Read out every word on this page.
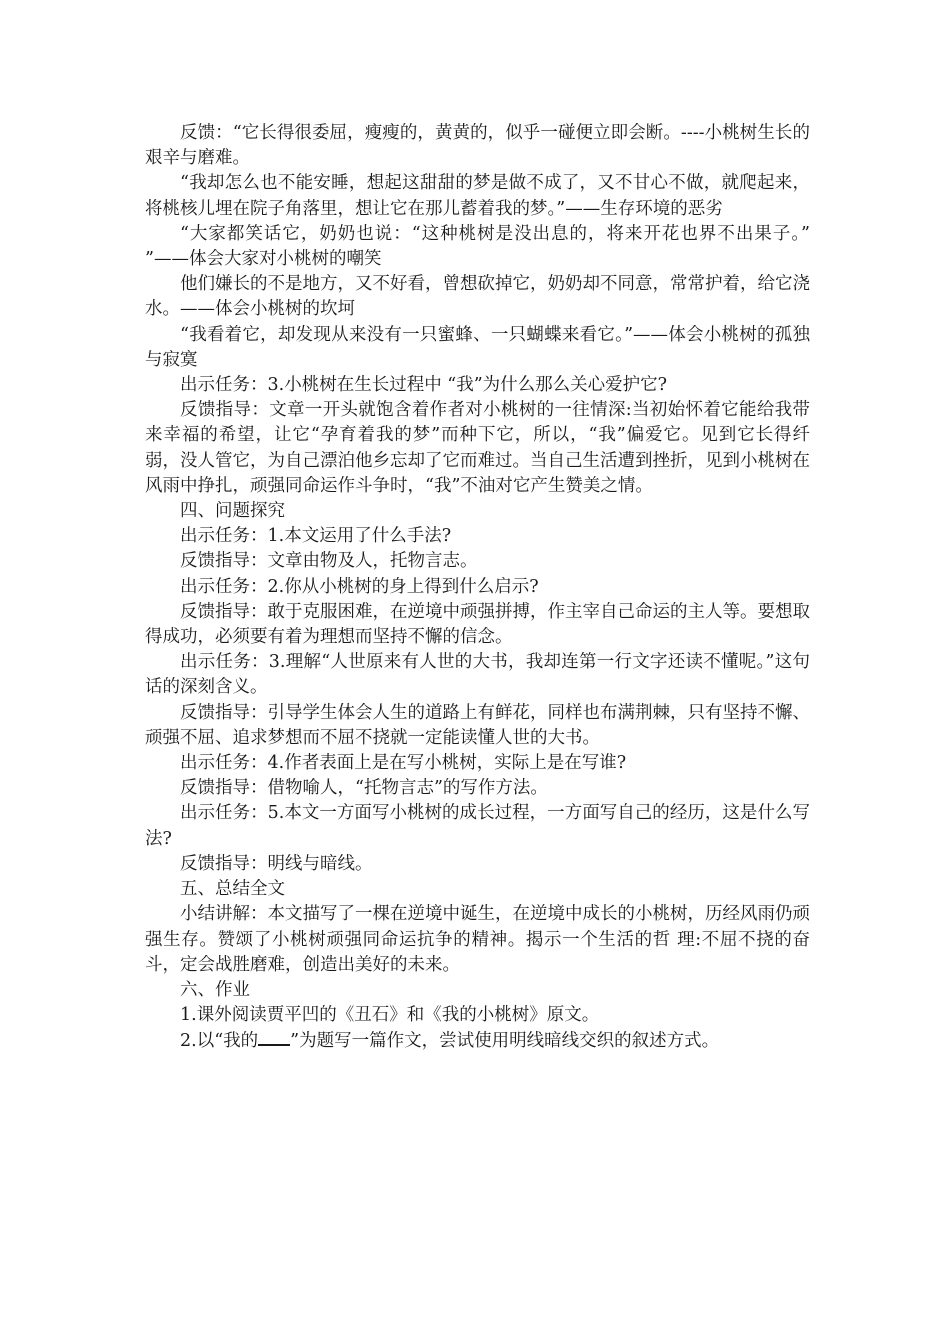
反馈：“它长得很委屈，瘦瘦的，黄黄的，似乎一碰便立即会断。----小桃树生长的艰辛与磨难。

“我却怎么也不能安睡，想起这甜甜的梦是做不成了，又不甘心不做，就爬起来，将桃核儿埋在院子角落里，想让它在那儿蓄着我的梦。”——生存环境的恶劣

“大家都笑话它，奶奶也说：“这种桃树是没出息的，将来开花也界不出果子。” ”——体会大家对小桃树的嘲笑

他们嫌长的不是地方，又不好看，曾想砍掉它，奶奶却不同意，常常护着，给它浇水。——体会小桃树的坎坷

“我看着它，却发现从来没有一只蜜蜂、一只蝴蝶来看它。”——体会小桃树的孤独与寂寞

出示任务：3.小桃树在生长过程中 “我”为什么那么关心爱护它?

反馈指导：文章一开头就饱含着作者对小桃树的一往情深:当初始怀着它能给我带来幸福的希望，让它“孕育着我的梦”而种下它，所以，“我”偏爱它。见到它长得纤弱，没人管它，为自己漂泊他乡忘却了它而难过。当自己生活遭到挫折，见到小桃树在风雨中挣扎，顽强同命运作斗争时，“我”不油对它产生赞美之情。

四、问题探究

出示任务：1.本文运用了什么手法?

反馈指导：文章由物及人，托物言志。

出示任务：2.你从小桃树的身上得到什么启示?

反馈指导：敢于克服困难，在逆境中顽强拼搏，作主宰自己命运的主人等。要想取得成功，必须要有着为理想而坚持不懈的信念。

出示任务：3.理解“人世原来有人世的大书，我却连第一行文字还读不懂呢。”这句话的深刻含义。

反馈指导：引导学生体会人生的道路上有鲜花，同样也布满荆棘，只有坚持不懈、顽强不屈、追求梦想而不屈不挠就一定能读懂人世的大书。

出示任务：4.作者表面上是在写小桃树，实际上是在写谁?

反馈指导：借物喻人，“托物言志”的写作方法。

出示任务：5.本文一方面写小桃树的成长过程，一方面写自己的经历，这是什么写法?

反馈指导：明线与暗线。

五、总结全文

小结讲解：本文描写了一棵在逆境中诞生，在逆境中成长的小桃树，历经风雨仍顽强生存。赞颂了小桃树顽强同命运抗争的精神。揭示一个生活的哲 理:不屈不挠的奋斗，定会战胜磨难，创造出美好的未来。

六、作业

1.课外阅读贾平凹的《丑石》和《我的小桃树》原文。

2.以“我的 ”为题写一篇作文，尝试使用明线暗线交织的叙述方式。
